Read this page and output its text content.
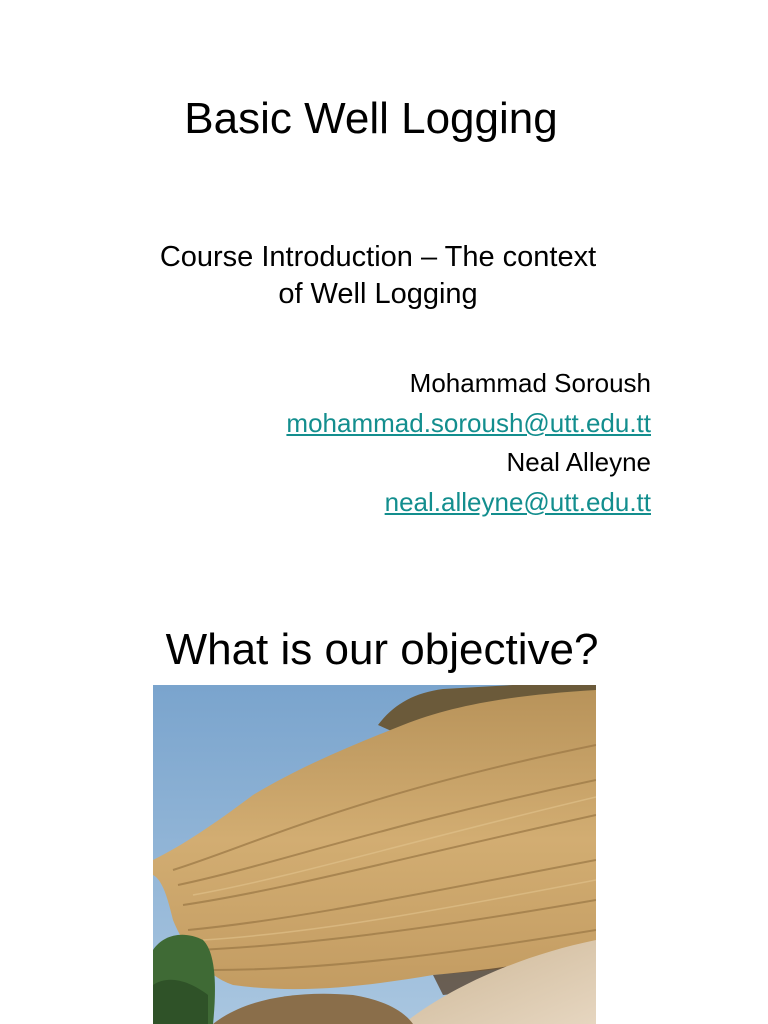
Basic Well Logging
Course Introduction – The context
of Well Logging
Mohammad Soroush
mohammad.soroush@utt.edu.tt
Neal Alleyne
neal.alleyne@utt.edu.tt
What is our objective?
